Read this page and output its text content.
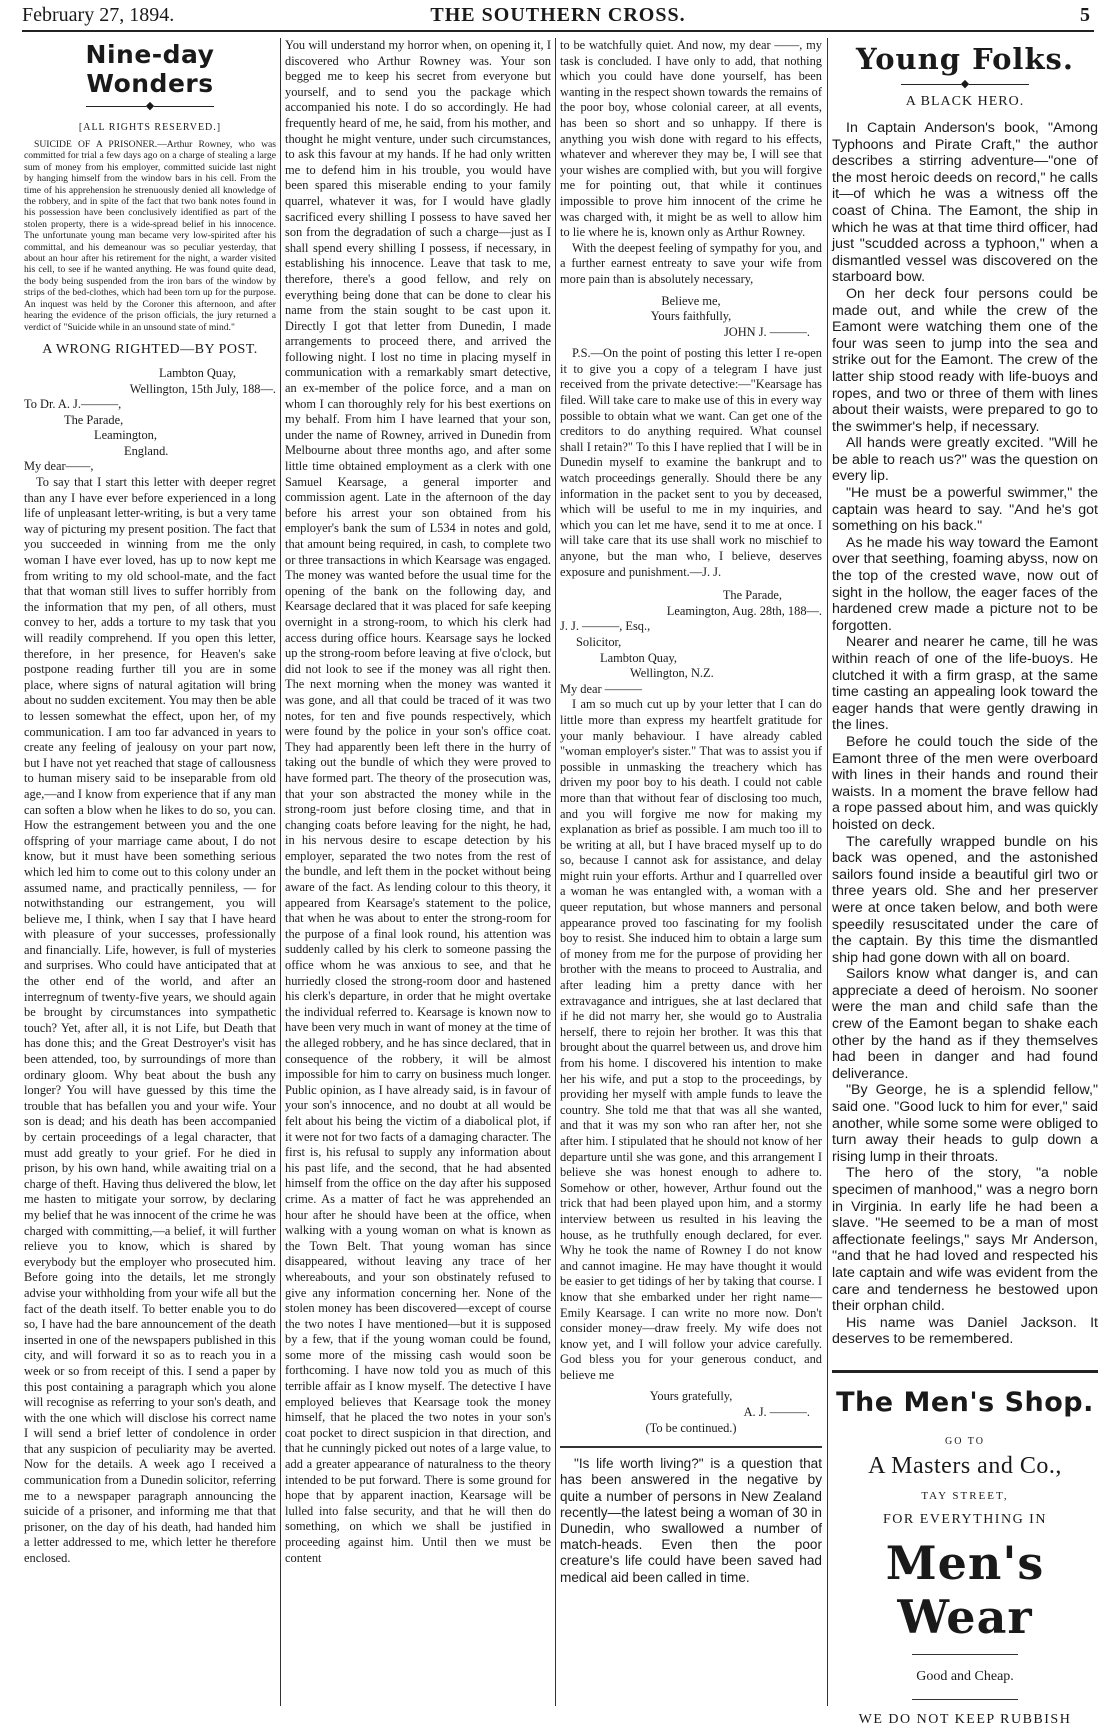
February 27, 1894.	THE SOUTHERN CROSS.	5
Nine-day Wonders
◆
[ALL RIGHTS RESERVED.]

SUICIDE OF A PRISONER.—Arthur Rowney, who was committed for trial a few days ago on a charge of stealing a large sum of money from his employer, committed suicide last night by hanging himself from the window bars in his cell. From the time of his apprehension he strenuously denied all knowledge of the robbery, and in spite of the fact that two bank notes found in his possession have been conclusively identified as part of the stolen property, there is a wide-spread belief in his innocence. The unfortunate young man became very low-spirited after his committal, and his demeanour was so peculiar yesterday, that about an hour after his retirement for the night, a warder visited his cell, to see if he wanted anything. He was found quite dead, the body being suspended from the iron bars of the window by strips of the bed-clothes, which had been torn up for the purpose. An inquest was held by the Coroner this afternoon, and after hearing the evidence of the prison officials, the jury returned a verdict of "Suicide while in an unsound state of mind."

A WRONG RIGHTED—BY POST.
Lambton Quay,
Wellington, 15th July, 188—.
To Dr. A. J.———,
The Parade,
Leamington,
England.

My dear——,

To say that I start this letter with deeper regret than any I have ever before experienced in a long life of unpleasant letter-writing, is but a very tame way of picturing my present position. The fact that you succeeded in winning from me the only woman I have ever loved, has up to now kept me from writing to my old school-mate, and the fact that that woman still lives to suffer horribly from the information that my pen, of all others, must convey to her, adds a torture to my task that you will readily comprehend. If you open this letter, therefore, in her presence, for Heaven's sake postpone reading further till you are in some place, where signs of natural agitation will bring about no sudden excitement. You may then be able to lessen somewhat the effect, upon her, of my communication. I am too far advanced in years to create any feeling of jealousy on your part now, but I have not yet reached that stage of callousness to human misery said to be inseparable from old age,—and I know from experience that if any man can soften a blow when he likes to do so, you can. How the estrangement between you and the one offspring of your marriage came about, I do not know, but it must have been something serious which led him to come out to this colony under an assumed name, and practically penniless, — for notwithstanding our estrangement, you will believe me, I think, when I say that I have heard with pleasure of your successes, professionally and financially. Life, however, is full of mysteries and surprises. Who could have anticipated that at the other end of the world, and after an interregnum of twenty-five years, we should again be brought by circumstances into sympathetic touch? Yet, after all, it is not Life, but Death that has done this; and the Great Destroyer's visit has been attended, too, by surroundings of more than ordinary gloom. Why beat about the bush any longer? You will have guessed by this time the trouble that has befallen you and your wife. Your son is dead; and his death has been accompanied by certain proceedings of a legal character, that must add greatly to your grief. For he died in prison, by his own hand, while awaiting trial on a charge of theft. Having thus delivered the blow, let me hasten to mitigate your sorrow, by declaring my belief that he was innocent of the crime he was charged with committing,—a belief, it will further relieve you to know, which is shared by everybody but the employer who prosecuted him. Before going into the details, let me strongly advise your withholding from your wife all but the fact of the death itself. To better enable you to do so, I have had the bare announcement of the death inserted in one of the newspapers published in this city, and will forward it so as to reach you in a week or so from receipt of this. I send a paper by this post containing a paragraph which you alone will recognise as referring to your son's death, and with the one which will disclose his correct name I will send a brief letter of condolence in order that any suspicion of peculiarity may be averted. Now for the details. A week ago I received a communication from a Dunedin solicitor, referring me to a newspaper paragraph announcing the suicide of a prisoner, and informing me that that prisoner, on the day of his death, had handed him a letter addressed to me, which letter he therefore enclosed.

You will understand my horror when, on opening it, I discovered who Arthur Rowney was. Your son begged me to keep his secret from everyone but yourself, and to send you the package which accompanied his note. I do so accordingly. He had frequently heard of me, he said, from his mother, and thought he might venture, under such circumstances, to ask this favour at my hands. If he had only written me to defend him in his trouble, you would have been spared this miserable ending to your family quarrel, whatever it was, for I would have gladly sacrificed every shilling I possess to have saved her son from the degradation of such a charge—just as I shall spend every shilling I possess, if necessary, in establishing his innocence. Leave that task to me, therefore, there's a good fellow, and rely on everything being done that can be done to clear his name from the stain sought to be cast upon it. Directly I got that letter from Dunedin, I made arrangements to proceed there, and arrived the following night. I lost no time in placing myself in communication with a remarkably smart detective, an ex-member of the police force, and a man on whom I can thoroughly rely for his best exertions on my behalf. From him I have learned that your son, under the name of Rowney, arrived in Dunedin from Melbourne about three months ago, and after some little time obtained employment as a clerk with one Samuel Kearsage, a general importer and commission agent. Late in the afternoon of the day before his arrest your son obtained from his employer's bank the sum of L534 in notes and gold, that amount being required, in cash, to complete two or three transactions in which Kearsage was engaged. The money was wanted before the usual time for the opening of the bank on the following day, and Kearsage declared that it was placed for safe keeping overnight in a strong-room, to which his clerk had access during office hours. Kearsage says he locked up the strong-room before leaving at five o'clock, but did not look to see if the money was all right then. The next morning when the money was wanted it was gone, and all that could be traced of it was two notes, for ten and five pounds respectively, which were found by the police in your son's office coat. They had apparently been left there in the hurry of taking out the bundle of which they were proved to have formed part. The theory of the prosecution was, that your son abstracted the money while in the strong-room just before closing time, and that in changing coats before leaving for the night, he had, in his nervous desire to escape detection by his employer, separated the two notes from the rest of the bundle, and left them in the pocket without being aware of the fact. As lending colour to this theory, it appeared from Kearsage's statement to the police, that when he was about to enter the strong-room for the purpose of a final look round, his attention was suddenly called by his clerk to someone passing the office whom he was anxious to see, and that he hurriedly closed the strong-room door and hastened his clerk's departure, in order that he might overtake the individual referred to. Kearsage is known now to have been very much in want of money at the time of the alleged robbery, and he has since declared, that in consequence of the robbery, it will be almost impossible for him to carry on business much longer. Public opinion, as I have already said, is in favour of your son's innocence, and no doubt at all would be felt about his being the victim of a diabolical plot, if it were not for two facts of a damaging character. The first is, his refusal to supply any information about his past life, and the second, that he had absented himself from the office on the day after his supposed crime. As a matter of fact he was apprehended an hour after he should have been at the office, when walking with a young woman on what is known as the Town Belt. That young woman has since disappeared, without leaving any trace of her whereabouts, and your son obstinately refused to give any information concerning her. None of the stolen money has been discovered—except of course the two notes I have mentioned—but it is supposed by a few, that if the young woman could be found, some more of the missing cash would soon be forthcoming. I have now told you as much of this terrible affair as I know myself. The detective I have employed believes that Kearsage took the money himself, that he placed the two notes in your son's coat pocket to direct suspicion in that direction, and that he cunningly picked out notes of a large value, to add a greater appearance of naturalness to the theory intended to be put forward. There is some ground for hope that by apparent inaction, Kearsage will be lulled into false security, and that he will then do something, on which we shall be justified in proceeding against him. Until then we must be content

to be watchfully quiet. And now, my dear ——, my task is concluded. I have only to add, that nothing which you could have done yourself, has been wanting in the respect shown towards the remains of the poor boy, whose colonial career, at all events, has been so short and so unhappy. If there is anything you wish done with regard to his effects, whatever and wherever they may be, I will see that your wishes are complied with, but you will forgive me for pointing out, that while it continues impossible to prove him innocent of the crime he was charged with, it might be as well to allow him to lie where he is, known only as Arthur Rowney.

With the deepest feeling of sympathy for you, and a further earnest entreaty to save your wife from more pain than is absolutely necessary,

Believe me,
Yours faithfully,
JOHN J. ———.

P.S.—On the point of posting this letter I re-open it to give you a copy of a telegram I have just received from the private detective:—"Kearsage has filed. Will take care to make use of this in every way possible to obtain what we want. Can get one of the creditors to do anything required. What counsel shall I retain?" To this I have replied that I will be in Dunedin myself to examine the bankrupt and to watch proceedings generally. Should there be any information in the packet sent to you by deceased, which will be useful to me in my inquiries, and which you can let me have, send it to me at once. I will take care that its use shall work no mischief to anyone, but the man who, I believe, deserves exposure and punishment.—J. J.

The Parade,
Leamington, Aug. 28th, 188—.
J. J. ———, Esq.,
Solicitor,
Lambton Quay,
Wellington, N.Z.

My dear ———

I am so much cut up by your letter that I can do little more than express my heartfelt gratitude for your manly behaviour. I have already cabled "woman employer's sister." That was to assist you if possible in unmasking the treachery which has driven my poor boy to his death. I could not cable more than that without fear of disclosing too much, and you will forgive me now for making my explanation as brief as possible. I am much too ill to be writing at all, but I have braced myself up to do so, because I cannot ask for assistance, and delay might ruin your efforts. Arthur and I quarrelled over a woman he was entangled with, a woman with a queer reputation, but whose manners and personal appearance proved too fascinating for my foolish boy to resist. She induced him to obtain a large sum of money from me for the purpose of providing her brother with the means to proceed to Australia, and after leading him a pretty dance with her extravagance and intrigues, she at last declared that if he did not marry her, she would go to Australia herself, there to rejoin her brother. It was this that brought about the quarrel between us, and drove him from his home. I discovered his intention to make her his wife, and put a stop to the proceedings, by providing her myself with ample funds to leave the country. She told me that that was all she wanted, and that it was my son who ran after her, not she after him. I stipulated that he should not know of her departure until she was gone, and this arrangement I believe she was honest enough to adhere to. Somehow or other, however, Arthur found out the trick that had been played upon him, and a stormy interview between us resulted in his leaving the house, as he truthfully enough declared, for ever. Why he took the name of Rowney I do not know and cannot imagine. He may have thought it would be easier to get tidings of her by taking that course. I know that she embarked under her right name—Emily Kearsage. I can write no more now. Don't consider money—draw freely. My wife does not know yet, and I will follow your advice carefully. God bless you for your generous conduct, and believe me

Yours gratefully,
A. J. ———.
(To be continued.)

"Is life worth living?" is a question that has been answered in the negative by quite a number of persons in New Zealand recently—the latest being a woman of 30 in Dunedin, who swallowed a number of match-heads. Even then the poor creature's life could have been saved had medical aid been called in time.

Young Folks.
◆
A BLACK HERO.

In Captain Anderson's book, "Among Typhoons and Pirate Craft," the author describes a stirring adventure—"one of the most heroic deeds on record," he calls it—of which he was a witness off the coast of China. The Eamont, the ship in which he was at that time third officer, had just "scudded across a typhoon," when a dismantled vessel was discovered on the starboard bow.

On her deck four persons could be made out, and while the crew of the Eamont were watching them one of the four was seen to jump into the sea and strike out for the Eamont. The crew of the latter ship stood ready with life-buoys and ropes, and two or three of them with lines about their waists, were prepared to go to the swimmer's help, if necessary.

All hands were greatly excited. "Will he be able to reach us?" was the question on every lip.

"He must be a powerful swimmer," the captain was heard to say. "And he's got something on his back."

As he made his way toward the Eamont over that seething, foaming abyss, now on the top of the crested wave, now out of sight in the hollow, the eager faces of the hardened crew made a picture not to be forgotten.

Nearer and nearer he came, till he was within reach of one of the life-buoys. He clutched it with a firm grasp, at the same time casting an appealing look toward the eager hands that were gently drawing in the lines.

Before he could touch the side of the Eamont three of the men were overboard with lines in their hands and round their waists. In a moment the brave fellow had a rope passed about him, and was quickly hoisted on deck.

The carefully wrapped bundle on his back was opened, and the astonished sailors found inside a beautiful girl two or three years old. She and her preserver were at once taken below, and both were speedily resuscitated under the care of the captain. By this time the dismantled ship had gone down with all on board.

Sailors know what danger is, and can appreciate a deed of heroism. No sooner were the man and child safe than the crew of the Eamont began to shake each other by the hand as if they themselves had been in danger and had found deliverance.

"By George, he is a splendid fellow," said one. "Good luck to him for ever," said another, while some some were obliged to turn away their heads to gulp down a rising lump in their throats.

The hero of the story, "a noble specimen of manhood," was a negro born in Virginia. In early life he had been a slave. "He seemed to be a man of most affectionate feelings," says Mr Anderson, "and that he had loved and respected his late captain and wife was evident from the care and tenderness he bestowed upon their orphan child.

His name was Daniel Jackson. It deserves to be remembered.

The Men's Shop.
GO TO
A Masters and Co.,
TAY STREET,
FOR EVERYTHING IN
Men's Wear
Good and Cheap.
WE DO NOT KEEP RUBBISH
